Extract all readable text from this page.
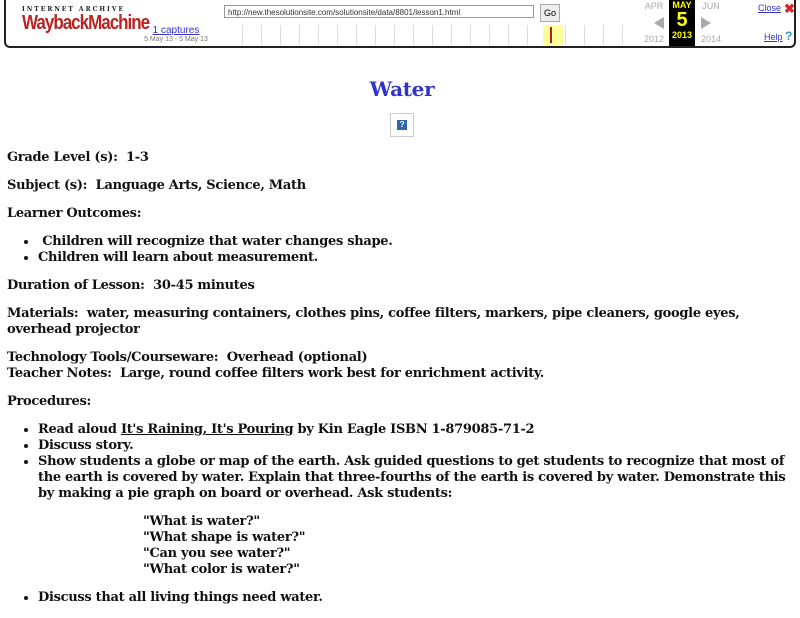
INTERNET ARCHIVE
WaybackMachine 1 captures
5 May 13 - 5 May 13
http://new.thesolutionsite.com/solutionsite/data/8801/lesson1.html	Go
APR
2012
MAY
5
2013
JUN
2014
Close ✖
Help ?
Water
?

Grade Level (s): 1-3

Subject (s): Language Arts, Science, Math

Learner Outcomes:

• Children will recognize that water changes shape.
• Children will learn about measurement.

Duration of Lesson: 30-45 minutes

Materials: water, measuring containers, clothes pins, coffee filters, markers, pipe cleaners, google eyes, overhead projector

Technology Tools/Courseware: Overhead (optional)

Teacher Notes: Large, round coffee filters work best for enrichment activity.

Procedures:

• Read aloud It's Raining, It's Pouring by Kin Eagle ISBN 1-879085-71-2
• Discuss story.
• Show students a globe or map of the earth. Ask guided questions to get students to recognize that most of the earth is covered by water. Explain that three-fourths of the earth is covered by water. Demonstrate this by making a pie graph on board or overhead. Ask students:
"What is water?"
"What shape is water?"
"Can you see water?"
"What color is water?"
• Discuss that all living things need water.
